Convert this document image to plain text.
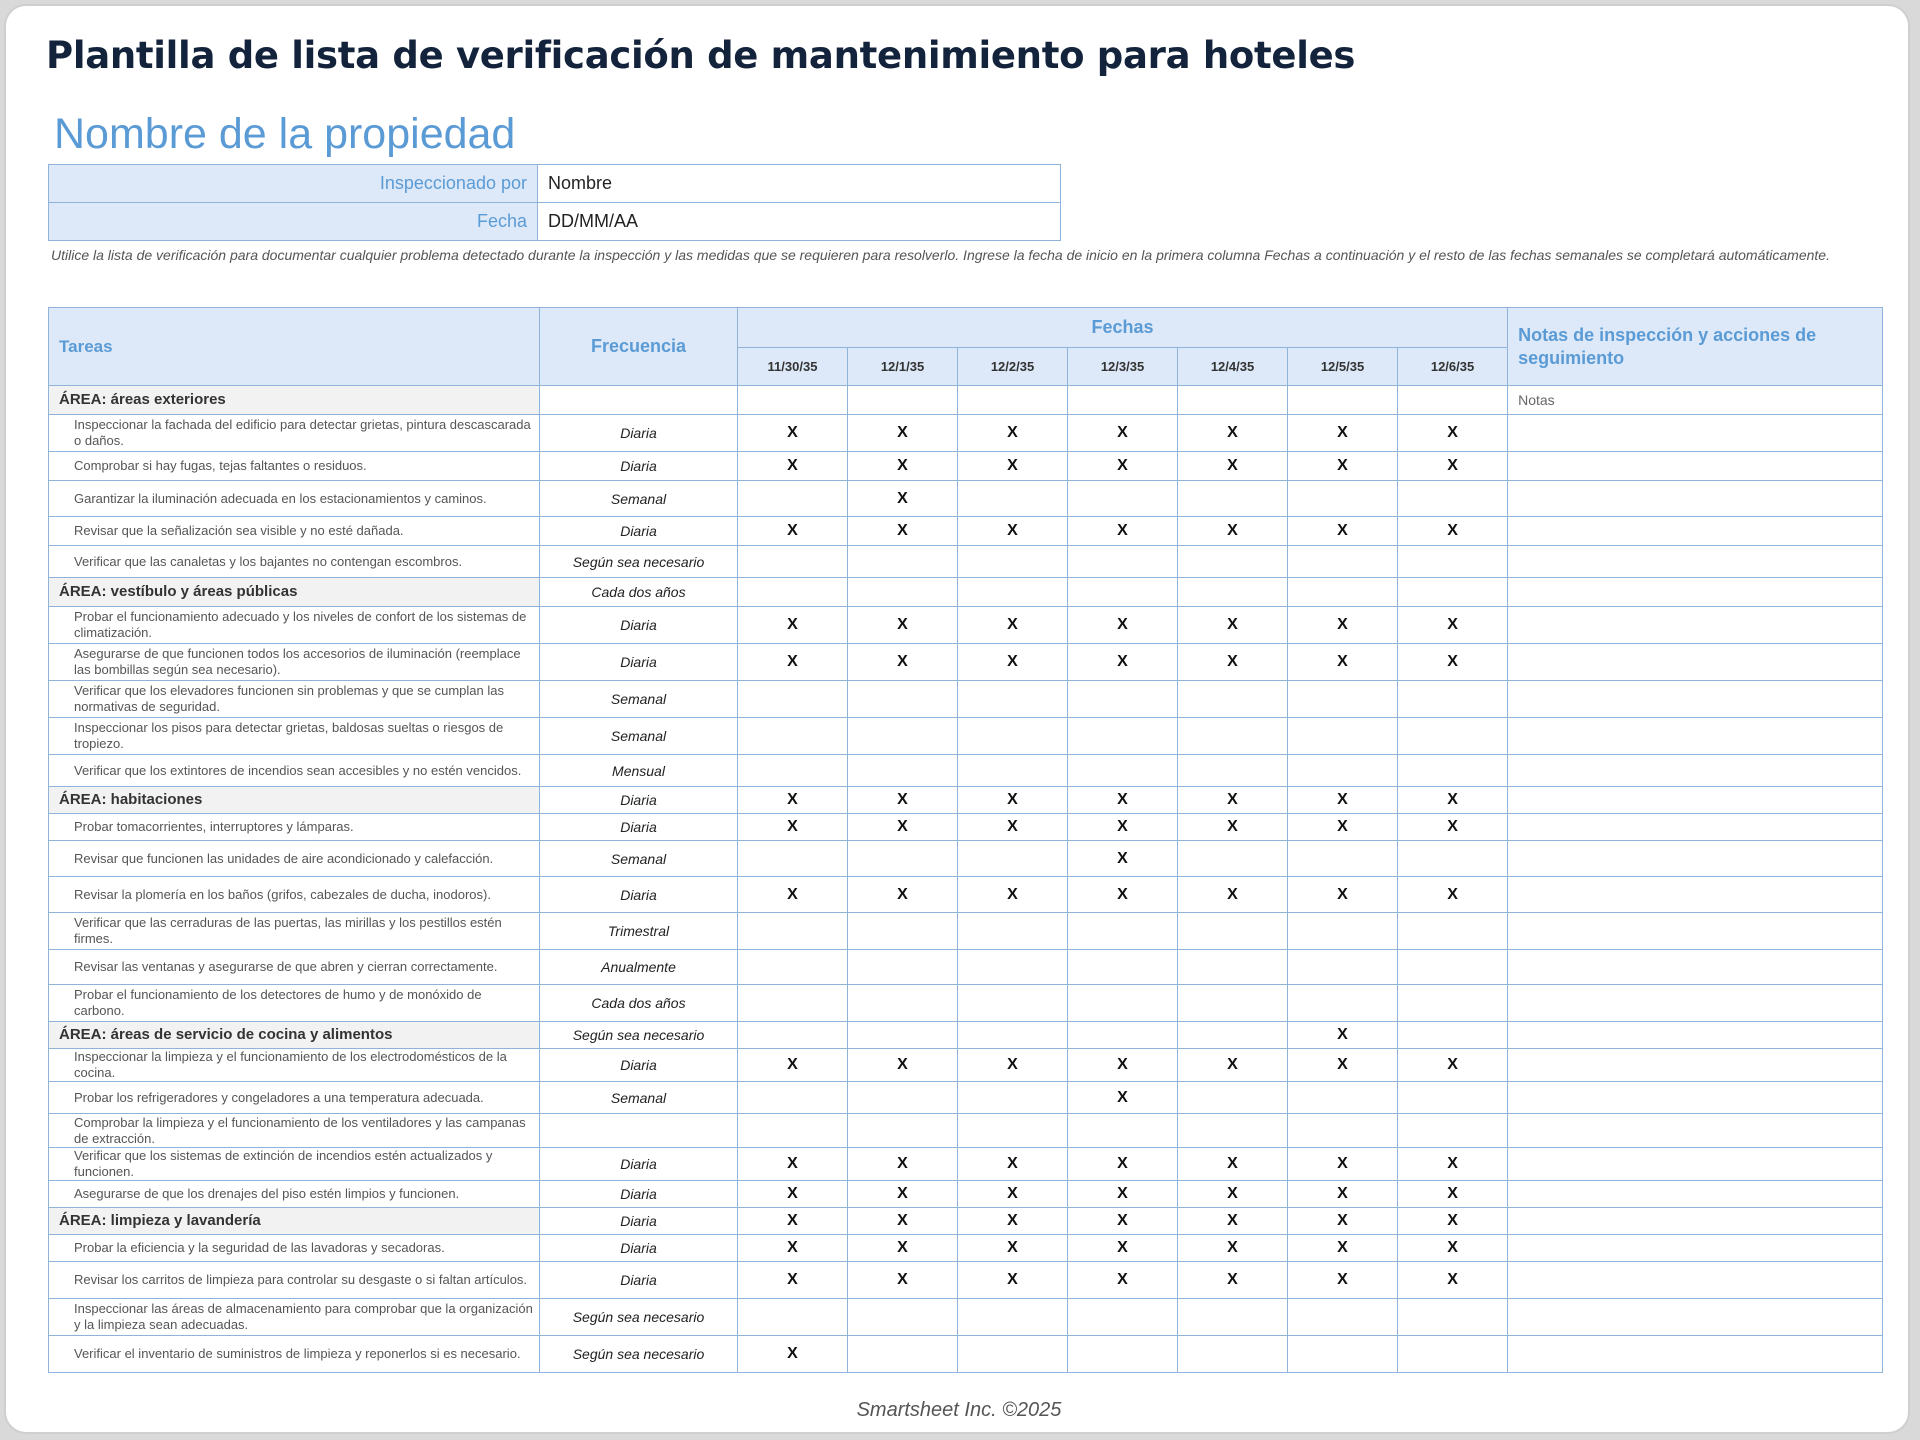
Plantilla de lista de verificación de mantenimiento para hoteles
Nombre de la propiedad
Inspeccionado por	Nombre
Fecha	DD/MM/AA

Utilice la lista de verificación para documentar cualquier problema detectado durante la inspección y las medidas que se requieren para resolverlo. Ingrese la fecha de inicio en la primera columna Fechas a continuación y el resto de las fechas semanales se completará automáticamente.

Tareas	Frecuencia	Fechas							Notas de inspección y acciones de seguimiento
		11/30/35	12/1/35	12/2/35	12/3/35	12/4/35	12/5/35	12/6/35	
ÁREA: áreas exteriores									Notas
Inspeccionar la fachada del edificio para detectar grietas, pintura descascarada o daños.	Diaria	X	X	X	X	X	X	X	
Comprobar si hay fugas, tejas faltantes o residuos.	Diaria	X	X	X	X	X	X	X	
Garantizar la iluminación adecuada en los estacionamientos y caminos.	Semanal		X						
Revisar que la señalización sea visible y no esté dañada.	Diaria	X	X	X	X	X	X	X	
Verificar que las canaletas y los bajantes no contengan escombros.	Según sea necesario								
ÁREA: vestíbulo y áreas públicas	Cada dos años								
Probar el funcionamiento adecuado y los niveles de confort de los sistemas de climatización.	Diaria	X	X	X	X	X	X	X	
Asegurarse de que funcionen todos los accesorios de iluminación (reemplace las bombillas según sea necesario).	Diaria	X	X	X	X	X	X	X	
Verificar que los elevadores funcionen sin problemas y que se cumplan las normativas de seguridad.	Semanal								
Inspeccionar los pisos para detectar grietas, baldosas sueltas o riesgos de tropiezo.	Semanal								
Verificar que los extintores de incendios sean accesibles y no estén vencidos.	Mensual								
ÁREA: habitaciones	Diaria	X	X	X	X	X	X	X	
Probar tomacorrientes, interruptores y lámparas.	Diaria	X	X	X	X	X	X	X	
Revisar que funcionen las unidades de aire acondicionado y calefacción.	Semanal				X				
Revisar la plomería en los baños (grifos, cabezales de ducha, inodoros).	Diaria	X	X	X	X	X	X	X	
Verificar que las cerraduras de las puertas, las mirillas y los pestillos estén firmes.	Trimestral								
Revisar las ventanas y asegurarse de que abren y cierran correctamente.	Anualmente								
Probar el funcionamiento de los detectores de humo y de monóxido de carbono.	Cada dos años								
ÁREA: áreas de servicio de cocina y alimentos	Según sea necesario						X		
Inspeccionar la limpieza y el funcionamiento de los electrodomésticos de la cocina.	Diaria	X	X	X	X	X	X	X	
Probar los refrigeradores y congeladores a una temperatura adecuada.	Semanal				X				
Comprobar la limpieza y el funcionamiento de los ventiladores y las campanas de extracción.									
Verificar que los sistemas de extinción de incendios estén actualizados y funcionen.	Diaria	X	X	X	X	X	X	X	
Asegurarse de que los drenajes del piso estén limpios y funcionen.	Diaria	X	X	X	X	X	X	X	
ÁREA: limpieza y lavandería	Diaria	X	X	X	X	X	X	X	
Probar la eficiencia y la seguridad de las lavadoras y secadoras.	Diaria	X	X	X	X	X	X	X	
Revisar los carritos de limpieza para controlar su desgaste o si faltan artículos.	Diaria	X	X	X	X	X	X	X	
Inspeccionar las áreas de almacenamiento para comprobar que la organización y la limpieza sean adecuadas.	Según sea necesario								
Verificar el inventario de suministros de limpieza y reponerlos si es necesario.	Según sea necesario	X							
Smartsheet Inc. ©2025
